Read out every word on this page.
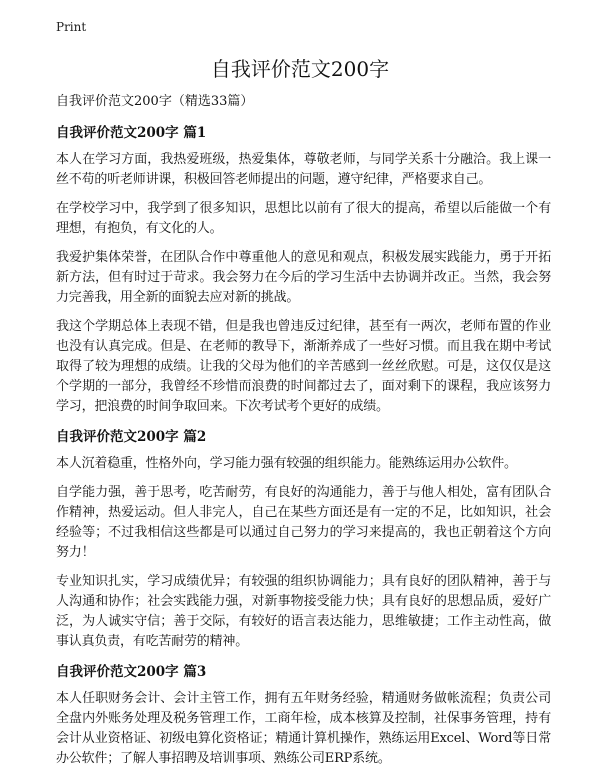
Print
自我评价范文200字
自我评价范文200字（精选33篇）
自我评价范文200字 篇1

本人在学习方面，我热爱班级，热爱集体，尊敬老师，与同学关系十分融洽。我上课一丝不苟的听老师讲课，积极回答老师提出的问题，遵守纪律，严格要求自己。

在学校学习中，我学到了很多知识，思想比以前有了很大的提高，希望以后能做一个有理想，有抱负，有文化的人。

我爱护集体荣誉，在团队合作中尊重他人的意见和观点，积极发展实践能力，勇于开拓新方法，但有时过于苛求。我会努力在今后的学习生活中去协调并改正。当然，我会努力完善我，用全新的面貌去应对新的挑战。

我这个学期总体上表现不错，但是我也曾违反过纪律，甚至有一两次，老师布置的作业也没有认真完成。但是、在老师的教导下，渐渐养成了一些好习惯。而且我在期中考试取得了较为理想的成绩。让我的父母为他们的辛苦感到一丝丝欣慰。可是，这仅仅是这个学期的一部分，我曾经不珍惜而浪费的时间都过去了，面对剩下的课程，我应该努力学习，把浪费的时间争取回来。下次考试考个更好的成绩。

自我评价范文200字 篇2

本人沉着稳重，性格外向，学习能力强有较强的组织能力。能熟练运用办公软件。

自学能力强，善于思考，吃苦耐劳，有良好的沟通能力，善于与他人相处，富有团队合作精神，热爱运动。但人非完人，自己在某些方面还是有一定的不足，比如知识，社会经验等；不过我相信这些都是可以通过自己努力的学习来提高的，我也正朝着这个方向努力！

专业知识扎实，学习成绩优异；有较强的组织协调能力；具有良好的团队精神，善于与人沟通和协作；社会实践能力强，对新事物接受能力快；具有良好的思想品质，爱好广泛，为人诚实守信；善于交际，有较好的语言表达能力，思维敏捷；工作主动性高，做事认真负责，有吃苦耐劳的精神。

自我评价范文200字 篇3

本人任职财务会计、会计主管工作，拥有五年财务经验，精通财务做帐流程；负责公司全盘内外账务处理及税务管理工作，工商年检，成本核算及控制，社保事务管理，持有会计从业资格证、初级电算化资格证；精通计算机操作，熟练运用Excel、Word等日常办公软件；了解人事招聘及培训事项、熟练公司ERP系统。
